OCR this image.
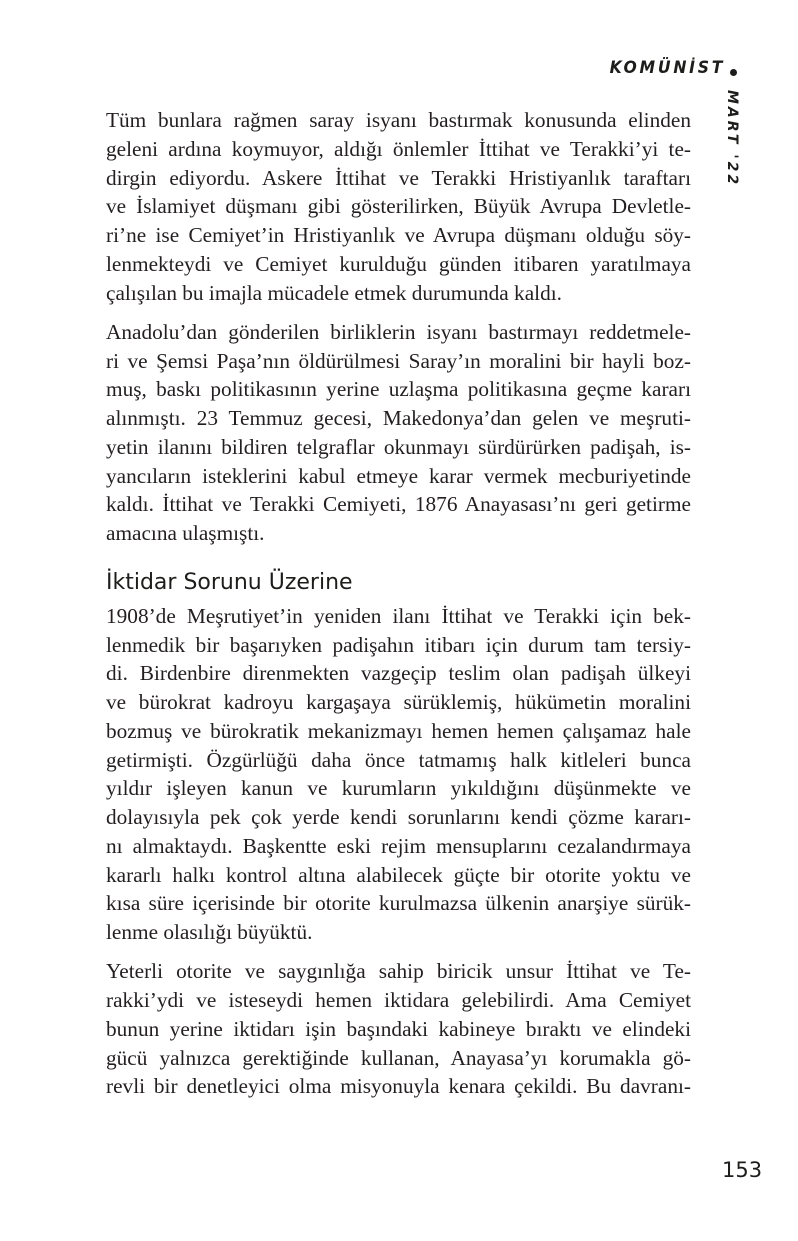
KOMÜNİST
MART '22
Tüm bunlara rağmen saray isyanı bastırmak konusunda elinden
geleni ardına koymuyor, aldığı önlemler İttihat ve Terakki’yi te-
dirgin ediyordu. Askere İttihat ve Terakki Hristiyanlık taraftarı
ve İslamiyet düşmanı gibi gösterilirken, Büyük Avrupa Devletle-
ri’ne ise Cemiyet’in Hristiyanlık ve Avrupa düşmanı olduğu söy-
lenmekteydi ve Cemiyet kurulduğu günden itibaren yaratılmaya
çalışılan bu imajla mücadele etmek durumunda kaldı.
Anadolu’dan gönderilen birliklerin isyanı bastırmayı reddetmele-
ri ve Şemsi Paşa’nın öldürülmesi Saray’ın moralini bir hayli boz-
muş, baskı politikasının yerine uzlaşma politikasına geçme kararı
alınmıştı. 23 Temmuz gecesi, Makedonya’dan gelen ve meşruti-
yetin ilanını bildiren telgraflar okunmayı sürdürürken padişah, is-
yancıların isteklerini kabul etmeye karar vermek mecburiyetinde
kaldı. İttihat ve Terakki Cemiyeti, 1876 Anayasası’nı geri getirme
amacına ulaşmıştı.
İktidar Sorunu Üzerine
1908’de Meşrutiyet’in yeniden ilanı İttihat ve Terakki için bek-
lenmedik bir başarıyken padişahın itibarı için durum tam tersiy-
di. Birdenbire direnmekten vazgeçip teslim olan padişah ülkeyi
ve bürokrat kadroyu kargaşaya sürüklemiş, hükümetin moralini
bozmuş ve bürokratik mekanizmayı hemen hemen çalışamaz hale
getirmişti. Özgürlüğü daha önce tatmamış halk kitleleri bunca
yıldır işleyen kanun ve kurumların yıkıldığını düşünmekte ve
dolayısıyla pek çok yerde kendi sorunlarını kendi çözme kararı-
nı almaktaydı. Başkentte eski rejim mensuplarını cezalandırmaya
kararlı halkı kontrol altına alabilecek güçte bir otorite yoktu ve
kısa süre içerisinde bir otorite kurulmazsa ülkenin anarşiye sürük-
lenme olasılığı büyüktü.
Yeterli otorite ve saygınlığa sahip biricik unsur İttihat ve Te-
rakki’ydi ve isteseydi hemen iktidara gelebilirdi. Ama Cemiyet
bunun yerine iktidarı işin başındaki kabineye bıraktı ve elindeki
gücü yalnızca gerektiğinde kullanan, Anayasa’yı korumakla gö-
revli bir denetleyici olma misyonuyla kenara çekildi. Bu davranı-
153
